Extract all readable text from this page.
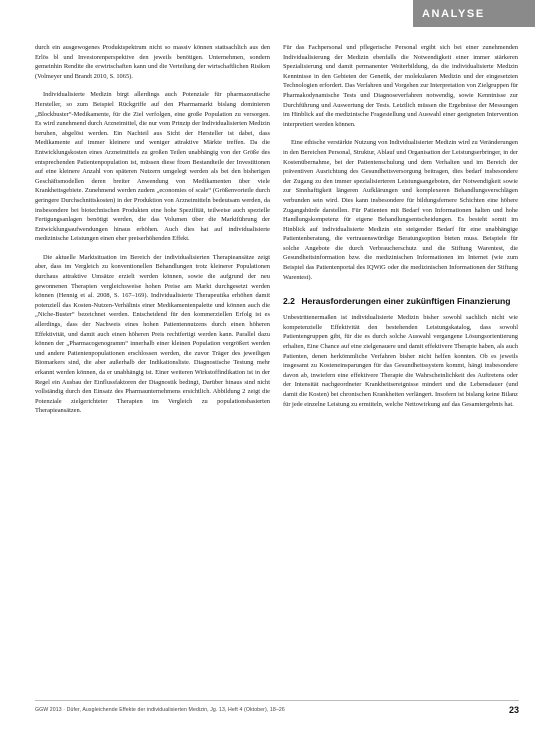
ANALYSE

durch ein ausgewogenes Produktspektrum nicht so massiv können stattsachlich aus den Erlös bl und Investorenperspektive den jeweils benötigen. Unternehmen, sondern gemeinhin Rendite die erwirtschaften kann und die Verteilung der wirtschaftlichen Risiken (Volmeyer und Brandt 2010, S. 1065).

Individualisierte Medizin birgt allerdings auch Potenziale für pharmazeutische Hersteller, so zum Beispiel Rückgriffe auf den Pharmamarkt bislang dominieren „Blockbuster“-Medikamente, für die Ziel verfolgen, eine große Population zu versorgen. Es wird zunehmend durch Arzneimittel, die nur vom Prinzip der Individualisierten Medizin beruhen, abgelöst werden. Ein Nachteil aus Sicht der Hersteller ist dabei, dass Medikamente auf immer kleinere und weniger attraktive Märkte treffen. Da die Entwicklungskosten eines Arzneimittels zu großen Teilen unabhängig von der Größe des entsprechenden Patientenpopulation ist, müssen diese fixen Bestandteile der Investitionen auf eine kleinere Anzahl von späteren Nutzern umgelegt werden als bei den bisherigen Geschäftsmodellen deren breiter Anwendung von Medikamenten über viele Krankheitsgebiete. Zunehmend werden zudem „economies of scale“ (Größenvorteile durch geringere Durchschnittskosten) in der Produktion von Arzneimitteln bedeutsam werden, da insbesondere bei biotechnischen Produkten eine hohe Spezifität, teilweise auch spezielle Fertigungsanlagen benötigt werden, die das Volumen über die Marktführung der Entwicklungsaufwendungen hinaus erhöhen. Auch dies hat auf individualisierte medizinische Leistungen einen eher preiserhöhenden Effekt.

Die aktuelle Marktsituation im Bereich der individualisierten Therapieansätze zeigt aber, dass im Vergleich zu konventionellen Behandlungen trotz kleinerer Populationen durchaus attraktive Umsätze erzielt werden können, sowie die aufgrund der neu gewonnenen Therapien vergleichsweise hohen Preise am Markt durchgesetzt werden können (Hennig et al. 2008, S. 167–169). Individualisierte Therapeutika erhöhen damit potenziell das Kosten-Nutzen-Verhältnis einer Medikamentenpalette und können auch die „Niche-Buster“ bezeichnet werden. Entscheidend für den kommerziellen Erfolg ist es allerdings, dass der Nachweis eines hohen Patientennutzens durch einen höheren Effektivität, und damit auch einen höheren Preis rechtfertigt werden kann. Parallel dazu können der „Pharmacogenogramm“ innerhalb einer kleinen Population vergrößert werden und andere Patientenpopulationen erschlossen werden, die zuvor Träger des jeweiligen Biomarkers sind, die aber außerhalb der Indikationsliste. Diagnostische Testung mehr erkannt werden können, da er unabhängig ist. Einer weiteren Wirkstoffindikation ist in der Regel ein Ausbau der Einflussfaktoren der Diagnostik bedingt, Darüber hinaus sind nicht vollständig durch den Einsatz des Pharmaunternehmens ersichtlich. Abbildung 2 zeigt die Potenziale zielgerichteter Therapien im Vergleich zu populationsbasierten Therapieansätzen.

Für das Fachpersonal und pflegerische Personal ergibt sich bei einer zunehmenden Individualisierung der Medizin ebenfalls die Notwendigkeit einer immer stärkeren Spezialisierung und damit permanenter Weiterbildung, da die individualisierte Medizin Kenntnisse in den Gebieten der Genetik, der molekularen Medizin und der eingesetzten Technologien erfordert. Das Verfahren und Vorgehen zur Interpretation von Zielgruppen für Pharmakodynamische Tests und Diagnoseverfahren notwendig, sowie Kenntnisse zur Durchführung und Auswertung der Tests. Letztlich müssen die Ergebnisse der Messungen im Hinblick auf die medizinische Fragestellung und Auswahl einer geeigneten Intervention interpretiert werden können.

Eine ethische verstärkte Nutzung von Individualisierter Medizin wird zu Veränderungen in den Bereichen Personal, Struktur, Ablauf und Organisation der Leistungserbringer, in der Kostenübernahme, bei der Patientenschulung und dem Verhalten und im Bereich der präventiven Ausrichtung des Gesundheitsversorgung beitragen, dies bedarf insbesondere der Zugang zu den immer spezialisierteren Leistungsangeboten, der Notwendigkeit sowie zur Sinnhaftigkeit längeren Aufklärungen und komplexeren Behandlungsverschlägen verbunden sein wird. Dies kann insbesondere für bildungsfernere Schichten eine höhere Zugangshürde darstellen. Für Patienten mit Bedarf von Informationen halten und hohe Handlungskompetenz für eigene Behandlungsentscheidungen. Es besteht somit im Hinblick auf individualisierte Medizin ein steigender Bedarf für eine unabhängige Patientenberatung, die vertrauenswürdige Beratungsoption bieten muss. Beispiele für solche Angebote die durch Verbraucherschutz und die Stiftung Warentest, die Gesundheitsinformation bzw. die medizinischen Informationen im Internet (wie zum Beispiel das Patientenportal des IQWiG oder die medizinischen Informationen der Stiftung Warentest).

2.2 Herausforderungen einer zukünftigen Finanzierung

Unbestrittenermaßen ist individualisierte Medizin bisher sowohl sachlich nicht wie kompetenzielle Effektivität den bestehenden Leistungskatalog, dass sowohl Patientengruppen gibt, für die es durch solche Auswahl vergangene Lösungsorientierung erhalten, Eine Chance auf eine zielgenauere und damit effektivere Therapie haben, als auch Patienten, denen herkömmliche Verfahren bisher nicht helfen konnten. Ob es jeweils insgesamt zu Kosteneinsparungen für das Gesundheitssystem kommt, hängt insbesondere davon ab, inwiefern eine effektivere Therapie die Wahrscheinlichkeit des Auftretens oder der Intensität nachgeordneter Krankheitsereignisse mindert und die Lebensdauer (und damit die Kosten) bei chronischen Krankheiten verlängert. Insofern ist bislang keine Bilanz für jede einzelne Leistung zu ermitteln, welche Nettowirkung auf das Gesamtergebnis hat.

GGW 2013 · Düfer, Ausgleichende Effekte der individualisierten Medizin, Jg. 13, Heft 4 (Oktober), 18–26	23
